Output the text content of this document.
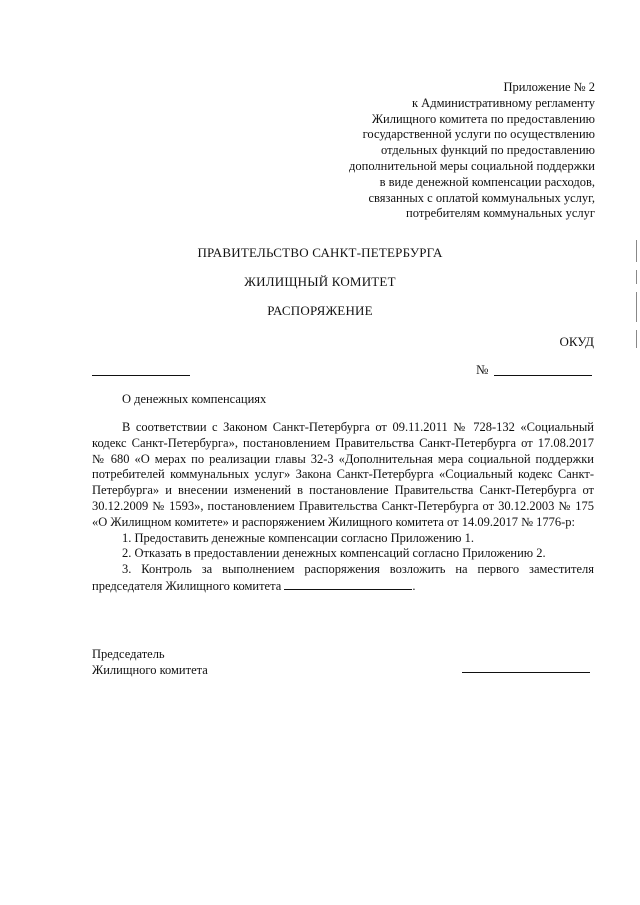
Приложение № 2
к Административному регламенту
Жилищного комитета по предоставлению
государственной услуги по осуществлению
отдельных функций по предоставлению
дополнительной меры социальной поддержки
в виде денежной компенсации расходов,
связанных с оплатой коммунальных услуг,
потребителям коммунальных услуг
ПРАВИТЕЛЬСТВО САНКТ-ПЕТЕРБУРГА
ЖИЛИЩНЫЙ КОМИТЕТ
РАСПОРЯЖЕНИЕ
ОКУД
№
О денежных компенсациях

В соответствии с Законом Санкт-Петербурга от 09.11.2011 № 728-132 «Социальный кодекс Санкт-Петербурга», постановлением Правительства Санкт-Петербурга от 17.08.2017 № 680 «О мерах по реализации главы 32-3 «Дополнительная мера социальной поддержки потребителей коммунальных услуг» Закона Санкт-Петербурга «Социальный кодекс Санкт-Петербурга» и внесении изменений в постановление Правительства Санкт-Петербурга от 30.12.2009 № 1593», постановлением Правительства Санкт-Петербурга от 30.12.2003 № 175 «О Жилищном комитете» и распоряжением Жилищного комитета от 14.09.2017 № 1776-р:

1. Предоставить денежные компенсации согласно Приложению 1.

2. Отказать в предоставлении денежных компенсаций согласно Приложению 2.

3. Контроль за выполнением распоряжения возложить на первого заместителя председателя Жилищного комитета	.

Председатель
Жилищного комитета
